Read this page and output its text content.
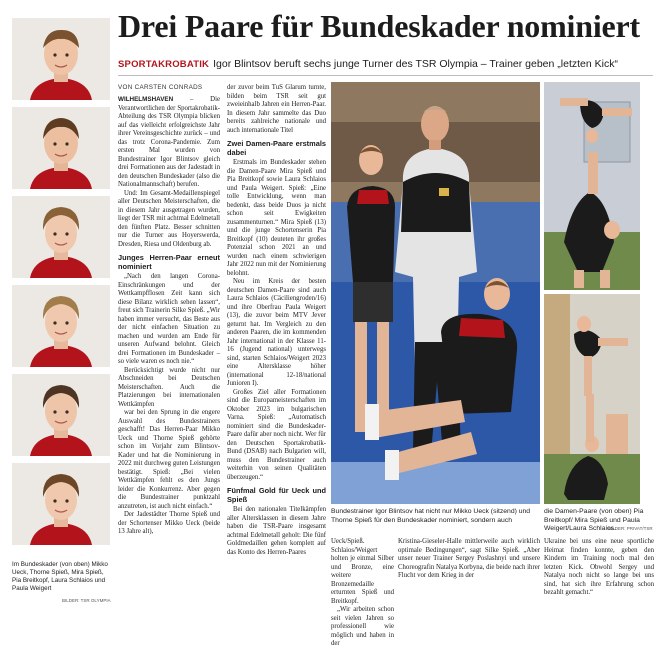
Drei Paare für Bundeskader nominiert
SPORTAKROBATIK Igor Blintsov beruft sechs junge Turner des TSR Olympia – Trainer geben „letzten Kick“
Im Bundeskader (von oben) Mikko Ueck, Thorne Spieß, Mira Spieß, Pia Breitkopf, Laura Schlaios und Paula Weigert
BILDER: TSR OLYMPIA
VON CARSTEN CONRADS

WILHELMSHAVEN – Die Verantwortlichen der Sportakrobatik-Abteilung des TSR Olympia blicken auf das vielleicht erfolgreichste Jahr ihrer Vereinsgeschichte zurück – und das trotz Corona-Pandemie. Zum ersten Mal wurden von Bundestrainer Igor Blintsov gleich drei Formationen aus der Jadestadt in den deutschen Bundeskader (also die Nationalmannschaft) berufen.

Und: Im Gesamt-Medaillenspiegel aller Deutschen Meisterschaften, die in diesem Jahr ausgetragen wurden, liegt der TSR mit achtmal Edelmetall den fünften Platz. Besser schnitten nur die Turner aus Hoyerswerda, Dresden, Riesa und Oldenburg ab.

Junges Herren-Paar erneut nominiert

„Nach den langen Corona-Einschränkungen und der Wettkampfflosen Zeit kann sich diese Bilanz wirklich sehen lassen“, freut sich Trainerin Silke Spieß. „Wir haben immer versucht, das Beste aus der nicht einfachen Situation zu machen und wurden am Ende für unseren Aufwand belohnt. Gleich drei Formationen im Bundeskader – so viele waren es noch nie.“

Berücksichtigt wurde nicht nur Abschneiden bei Deutschen Meisterschaften. Auch die Platzierungen bei internationalen Wettkämpfen

war bei den Sprung in die engere Auswahl des Bundestrainers geschafft! Das Herren-Paar Mikko Ueck und Thorne Spieß gehörte schon im Vorjahr zum Blintsov-Kader und hat die Nominierung in 2022 mit durchweg guten Leistungen bestätigt. Spieß: „Bei vielen Wettkämpfen fehlt es den Jungs leider die Konkurrenz. Aber gegen die Bundestrainer punktzahl anzutreten, ist auch nicht einfach.“

Der Jadestädter Thorne Spieß und der Schortenser Mikko Ueck (beide 13 Jahre alt),

der zuvor beim TuS Glarum turnte, bilden beim TSR seit gut zweieinhalb Jahren ein Herren-Paar. In diesem Jahr sammelte das Duo bereits zahlreiche nationale und auch internationale Titel

Zwei Damen-Paare erstmals dabei

Erstmals im Bundeskader stehen die Damen-Paare Mira Spieß und Pia Breitkopf sowie Laura Schlaios und Paula Weigert. Spieß: „Eine tolle Entwicklung, wenn man bedenkt, dass beide Duos ja nicht schon seit Ewigkeiten zusammenturnen.“ Mira Spieß (13) und die junge Schortenserin Pia Breitkopf (10) deuteten ihr großes Potenzial schon 2021 an und wurden nach einem schwierigen Jahr 2022 nun mit der Nominierung belohnt.

Neu im Kreis der besten deutschen Damen-Paare sind auch Laura Schlaios (Cäciliengroden/16) und ihre Oberfrau Paula Weigert (13), die zuvor beim MTV Jever geturnt hat. Im Vergleich zu den anderen Paaren, die im kommenden Jahr international in der Klasse 11-16 (Jugend national) unterwegs sind, starten Schlaios/Weigert 2023 eine Altersklasse höher (international 12-18/national Junioren I).

Großes Ziel aller Formationen sind die Europameisterschaften im Oktober 2023 im bulgarischen Varna. Spieß: „Automatisch nominiert sind die Bundeskader-Paare dafür aber noch nicht. Wer für den Deutschen Sportakrobatik-Bund (DSAB) nach Bulgarien will, muss den Bundestrainer auch weiterhin von seinen Qualitäten überzeugen.“

Fünfmal Gold für Ueck und Spieß

Bei den nationalen Titelkämpfen aller Altersklassen in diesem Jahre haben die TSR-Paare insgesamt achtmal Edelmetall geholt: Die fünf Goldmedaillen gehen komplett auf das Konto des Herren-Paares

Bundestrainer Igor Blintsov hat nicht nur Mikko Ueck (sitzend) und Thorne Spieß für den Bundeskader nominiert, sondern auch
BILDER: PRIVAT/TSR
die Damen-Paare (von oben) Pia Breitkopf/ Mira Spieß und Paula Weigert/Laura Schlaios.

Ueck/Spieß. Schlaios/Weigert holten je einmal Silber und Bronze, eine weitere Bronzemedaille erturnten Spieß und Breitkopf.

„Wir arbeiten schon seit vielen Jahren so professionell wie möglich und haben in der

Kristina-Gieseler-Halle mittlerweile auch wirklich optimale Bedingungen“, sagt Silke Spieß. „Aber unser neuer Trainer Sergey Poslashnyi und unsere Choreografin Natalya Korbyna, die beide nach ihrer Flucht vor dem Krieg in der

Ukraine bei uns eine neue sportliche Heimat finden konnte, geben den Kindern im Training noch mal den letzten Kick. Obwohl Sergey und Natalya noch nicht so lange bei uns sind, hat sich ihre Erfahrung schon bezahlt gemacht.“
